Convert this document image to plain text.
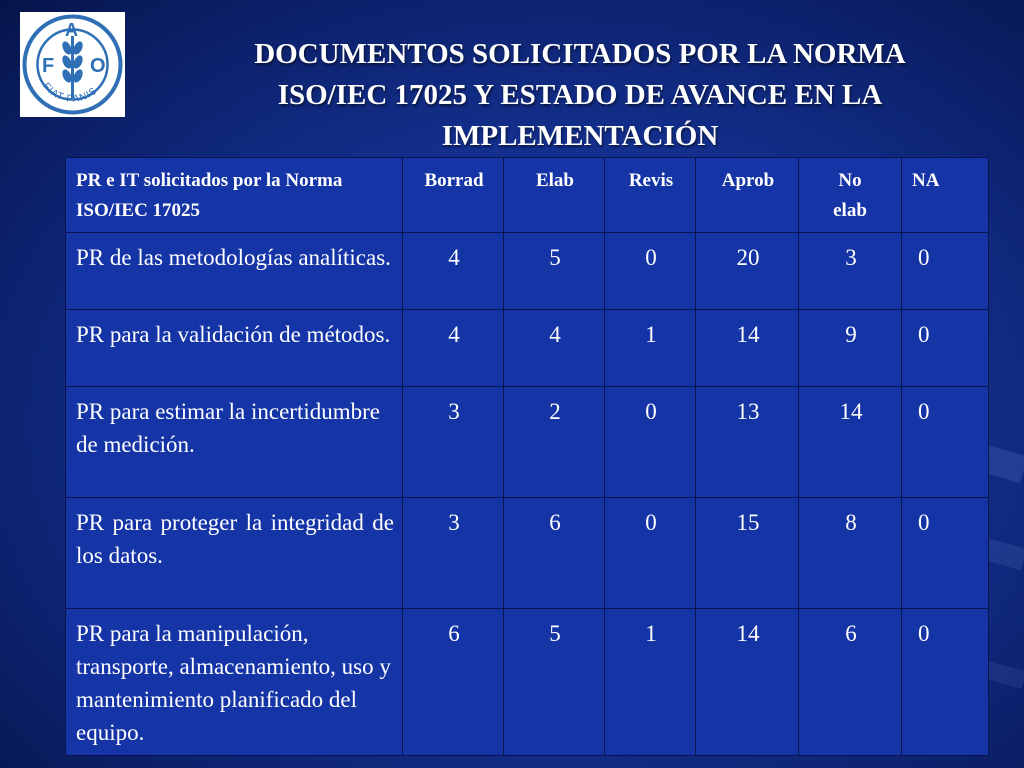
F
A
O
FIAT PANIS
DOCUMENTOS SOLICITADOS POR LA NORMA
ISO/IEC 17025 Y ESTADO DE AVANCE EN LA
IMPLEMENTACIÓN
PR e IT solicitados por la Norma ISO/IEC 17025	Borrad	Elab	Revis	Aprob	No elab	NA
PR de las metodologías analíticas.	4	5	0	20	3	0
PR para la validación de métodos.	4	4	1	14	9	0
PR para estimar la incertidumbre de medición.	3	2	0	13	14	0
PR para proteger la integridad de los datos.	3	6	0	15	8	0
PR para la manipulación, transporte, almacenamiento, uso y mantenimiento planificado del equipo.	6	5	1	14	6	0
